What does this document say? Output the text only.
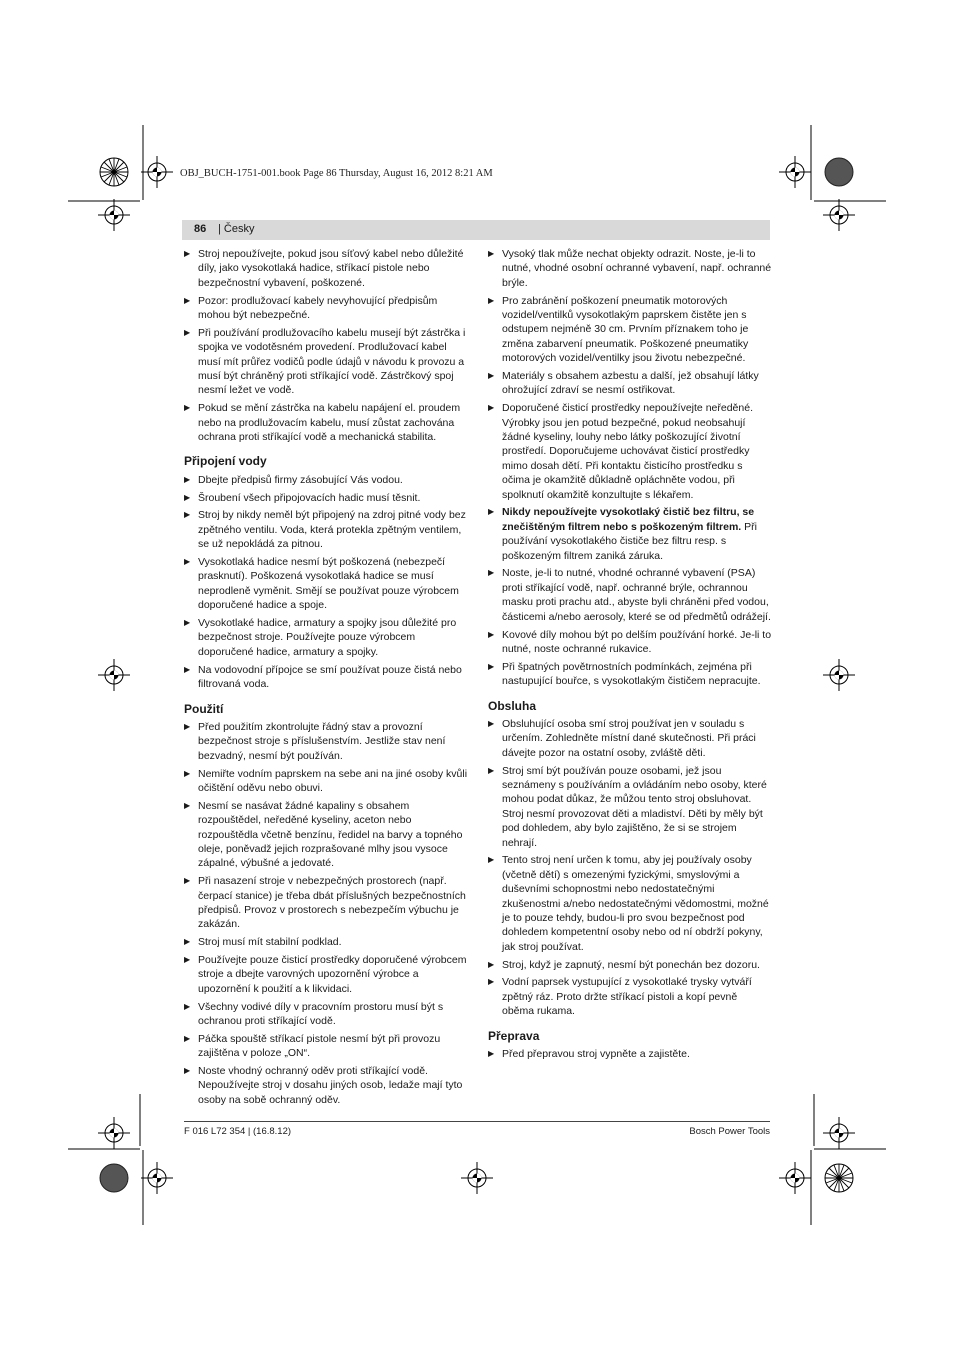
OBJ_BUCH-1751-001.book Page 86 Thursday, August 16, 2012 8:21 AM
86 | Česky
▶ Stroj nepoužívejte, pokud jsou síťový kabel nebo důležité díly, jako vysokotlaká hadice, stříkací pistole nebo bezpečnostní vybavení, poškozené.
▶ Pozor: prodlužovací kabely nevyhovující předpisům mohou být nebezpečné.
▶ Při používání prodlužovacího kabelu musejí být zástrčka i spojka ve vodotěsném provedení. Prodlužovací kabel musí mít průřez vodičů podle údajů v návodu k provozu a musí být chráněný proti stříkající vodě. Zástrčkový spoj nesmí ležet ve vodě.
▶ Pokud se mění zástrčka na kabelu napájení el. proudem nebo na prodlužovacím kabelu, musí zůstat zachována ochrana proti stříkající vodě a mechanická stabilita.
Připojení vody
▶ Dbejte předpisů firmy zásobující Vás vodou.
▶ Šroubení všech připojovacích hadic musí těsnit.
▶ Stroj by nikdy neměl být připojený na zdroj pitné vody bez zpětného ventilu. Voda, která protekla zpětným ventilem, se už nepokládá za pitnou.
▶ Vysokotlaká hadice nesmí být poškozená (nebezpečí prasknutí). Poškozená vysokotlaká hadice se musí neprodleně vyměnit. Smějí se používat pouze výrobcem doporučené hadice a spoje.
▶ Vysokotlaké hadice, armatury a spojky jsou důležité pro bezpečnost stroje. Používejte pouze výrobcem doporučené hadice, armatury a spojky.
▶ Na vodovodní přípojce se smí používat pouze čistá nebo filtrovaná voda.
Použití
▶ Před použitím zkontrolujte řádný stav a provozní bezpečnost stroje s příslušenstvím. Jestliže stav není bezvadný, nesmí být používán.
▶ Nemiřte vodním paprskem na sebe ani na jiné osoby kvůli očištění oděvu nebo obuvi.
▶ Nesmí se nasávat žádné kapaliny s obsahem rozpouštědel, neředěné kyseliny, aceton nebo rozpouštědla včetně benzínu, ředidel na barvy a topného oleje, poněvadž jejich rozprašované mlhy jsou vysoce zápalné, výbušné a jedovaté.
▶ Při nasazení stroje v nebezpečných prostorech (např. čerpací stanice) je třeba dbát příslušných bezpečnostních předpisů. Provoz v prostorech s nebezpečím výbuchu je zakázán.
▶ Stroj musí mít stabilní podklad.
▶ Používejte pouze čisticí prostředky doporučené výrobcem stroje a dbejte varovných upozornění výrobce a upozornění k použití a k likvidaci.
▶ Všechny vodivé díly v pracovním prostoru musí být s ochranou proti stříkající vodě.
▶ Páčka spouště stříkací pistole nesmí být při provozu zajištěna v poloze „ON“.
▶ Noste vhodný ochranný oděv proti stříkající vodě. Nepoužívejte stroj v dosahu jiných osob, ledaže mají tyto osoby na sobě ochranný oděv.
▶ Vysoký tlak může nechat objekty odrazit. Noste, je-li to nutné, vhodné osobní ochranné vybavení, např. ochranné brýle.
▶ Pro zabránění poškození pneumatik motorových vozidel/ventilků vysokotlakým paprskem čistěte jen s odstupem nejméně 30 cm. Prvním příznakem toho je změna zabarvení pneumatik. Poškozené pneumatiky motorových vozidel/ventilky jsou životu nebezpečné.
▶ Materiály s obsahem azbestu a další, jež obsahují látky ohrožující zdraví se nesmí ostřikovat.
▶ Doporučené čisticí prostředky nepoužívejte neředěné. Výrobky jsou jen potud bezpečné, pokud neobsahují žádné kyseliny, louhy nebo látky poškozující životní prostředí. Doporučujeme uchovávat čisticí prostředky mimo dosah dětí. Při kontaktu čisticího prostředku s očima je okamžitě důkladně opláchněte vodou, při spolknutí okamžitě konzultujte s lékařem.
▶ Nikdy nepoužívejte vysokotlaký čistič bez filtru, se znečištěným filtrem nebo s poškozeným filtrem. Při používání vysokotlakého čističe bez filtru resp. s poškozeným filtrem zaniká záruka.
▶ Noste, je-li to nutné, vhodné ochranné vybavení (PSA) proti stříkající vodě, např. ochranné brýle, ochrannou masku proti prachu atd., abyste byli chráněni před vodou, částicemi a/nebo aerosoly, které se od předmětů odrážejí.
▶ Kovové díly mohou být po delším používání horké. Je-li to nutné, noste ochranné rukavice.
▶ Při špatných povětrnostních podmínkách, zejména při nastupující bouřce, s vysokotlakým čističem nepracujte.
Obsluha
▶ Obsluhující osoba smí stroj používat jen v souladu s určením. Zohledněte místní dané skutečnosti. Při práci dávejte pozor na ostatní osoby, zvláště děti.
▶ Stroj smí být používán pouze osobami, jež jsou seznámeny s používáním a ovládáním nebo osoby, které mohou podat důkaz, že můžou tento stroj obsluhovat. Stroj nesmí provozovat děti a mladiství. Děti by měly být pod dohledem, aby bylo zajištěno, že si se strojem nehrají.
▶ Tento stroj není určen k tomu, aby jej používaly osoby (včetně dětí) s omezenými fyzickými, smyslovými a duševními schopnostmi nebo nedostatečnými zkušenostmi a/nebo nedostatečnými vědomostmi, možné je to pouze tehdy, budou-li pro svou bezpečnost pod dohledem kompetentní osoby nebo od ní obdrží pokyny, jak stroj používat.
▶ Stroj, když je zapnutý, nesmí být ponechán bez dozoru.
▶ Vodní paprsek vystupující z vysokotlaké trysky vytváří zpětný ráz. Proto držte stříkací pistoli a kopí pevně oběma rukama.
Přeprava
▶ Před přepravou stroj vypněte a zajistěte.
F 016 L72 354 | (16.8.12)	Bosch Power Tools
